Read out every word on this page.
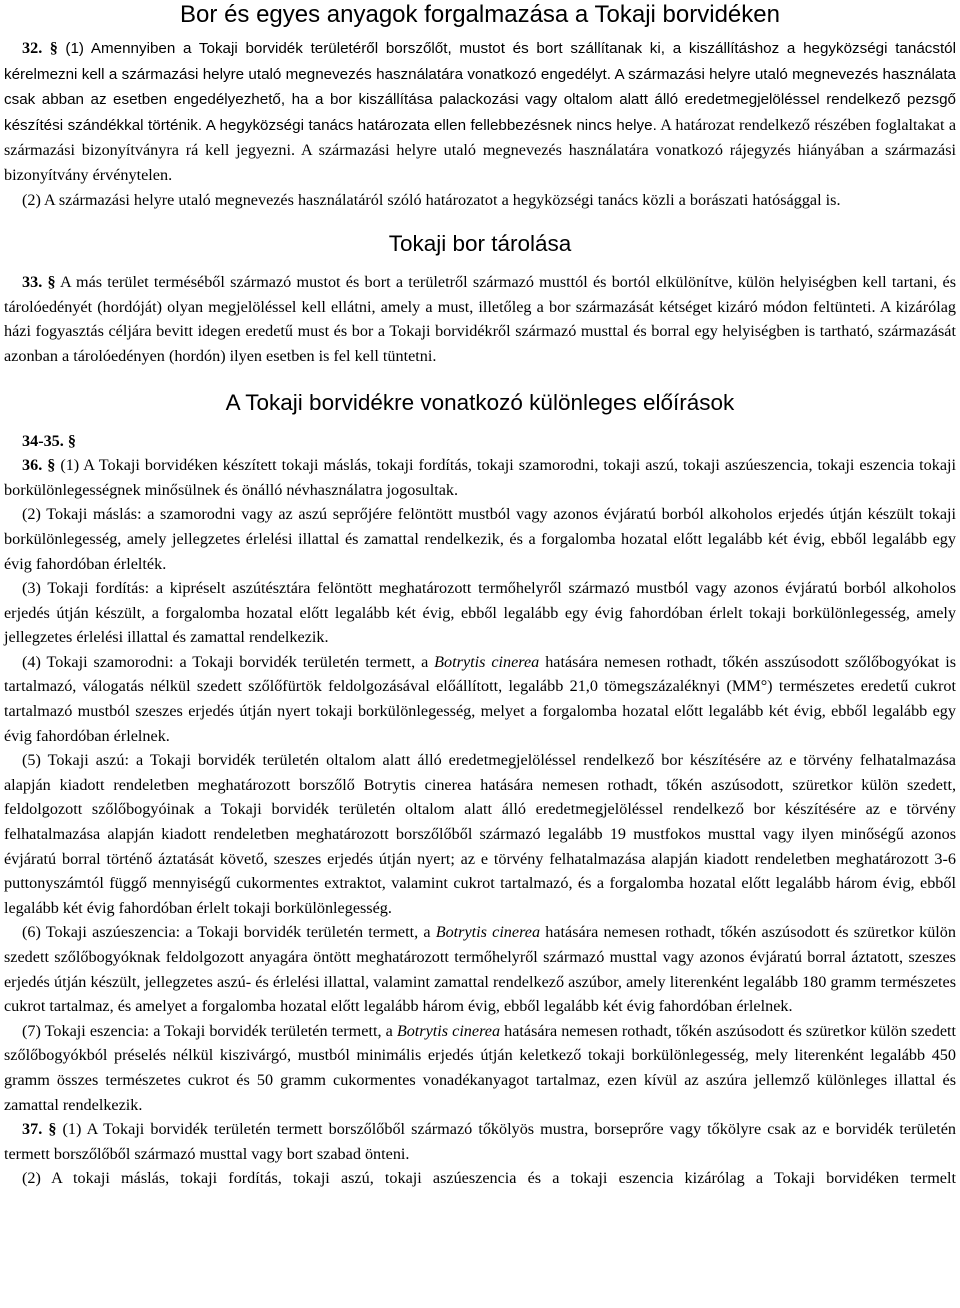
Bor és egyes anyagok forgalmazása a Tokaji borvidéken

32. § (1) Amennyiben a Tokaji borvidék területéről borszőlőt, mustot és bort szállítanak ki, a kiszállításhoz a hegyközségi tanácstól kérelmezni kell a származási helyre utaló megnevezés használatára vonatkozó engedélyt. A származási helyre utaló megnevezés használata csak abban az esetben engedélyezhető, ha a bor kiszállítása palackozási vagy oltalom alatt álló eredetmegjelöléssel rendelkező pezsgő készítési szándékkal történik. A hegyközségi tanács határozata ellen fellebbezésnek nincs helye. A határozat rendelkező részében foglaltakat a származási bizonyítványra rá kell jegyezni. A származási helyre utaló megnevezés használatára vonatkozó rájegyzés hiányában a származási bizonyítvány érvénytelen.

(2) A származási helyre utaló megnevezés használatáról szóló határozatot a hegyközségi tanács közli a borászati hatósággal is.

Tokaji bor tárolása

33. § A más terület terméséből származó mustot és bort a területről származó musttól és bortól elkülönítve, külön helyiségben kell tartani, és tárolóedényét (hordóját) olyan megjelöléssel kell ellátni, amely a must, illetőleg a bor származását kétséget kizáró módon feltünteti. A kizárólag házi fogyasztás céljára bevitt idegen eredetű must és bor a Tokaji borvidékről származó musttal és borral egy helyiségben is tartható, származását azonban a tárolóedényen (hordón) ilyen esetben is fel kell tüntetni.

A Tokaji borvidékre vonatkozó különleges előírások

34-35. §

36. § (1) A Tokaji borvidéken készített tokaji máslás, tokaji fordítás, tokaji szamorodni, tokaji aszú, tokaji aszúeszencia, tokaji eszencia tokaji borkülönlegességnek minősülnek és önálló névhasználatra jogosultak.

(2) Tokaji máslás: a szamorodni vagy az aszú seprőjére felöntött mustból vagy azonos évjáratú borból alkoholos erjedés útján készült tokaji borkülönlegesség, amely jellegzetes érlelési illattal és zamattal rendelkezik, és a forgalomba hozatal előtt legalább két évig, ebből legalább egy évig fahordóban érlelték.

(3) Tokaji fordítás: a kipréselt aszútésztára felöntött meghatározott termőhelyről származó mustból vagy azonos évjáratú borból alkoholos erjedés útján készült, a forgalomba hozatal előtt legalább két évig, ebből legalább egy évig fahordóban érlelt tokaji borkülönlegesség, amely jellegzetes érlelési illattal és zamattal rendelkezik.

(4) Tokaji szamorodni: a Tokaji borvidék területén termett, a Botrytis cinerea hatására nemesen rothadt, tőkén asszúsodott szőlőbogyókat is tartalmazó, válogatás nélkül szedett szőlőfürtök feldolgozásával előállított, legalább 21,0 tömegszázaléknyi (MM°) természetes eredetű cukrot tartalmazó mustból szeszes erjedés útján nyert tokaji borkülönlegesség, melyet a forgalomba hozatal előtt legalább két évig, ebből legalább egy évig fahordóban érlelnek.

(5) Tokaji aszú: a Tokaji borvidék területén oltalom alatt álló eredetmegjelöléssel rendelkező bor készítésére az e törvény felhatalmazása alapján kiadott rendeletben meghatározott borszőlő Botrytis cinerea hatására nemesen rothadt, tőkén aszúsodott, szüretkor külön szedett, feldolgozott szőlőbogyóinak a Tokaji borvidék területén oltalom alatt álló eredetmegjelöléssel rendelkező bor készítésére az e törvény felhatalmazása alapján kiadott rendeletben meghatározott borszőlőből származó legalább 19 mustfokos musttal vagy ilyen minőségű azonos évjáratú borral történő áztatását követő, szeszes erjedés útján nyert; az e törvény felhatalmazása alapján kiadott rendeletben meghatározott 3-6 puttonyszámtól függő mennyiségű cukormentes extraktot, valamint cukrot tartalmazó, és a forgalomba hozatal előtt legalább három évig, ebből legalább két évig fahordóban érlelt tokaji borkülönlegesség.

(6) Tokaji aszúeszencia: a Tokaji borvidék területén termett, a Botrytis cinerea hatására nemesen rothadt, tőkén aszúsodott és szüretkor külön szedett szőlőbogyóknak feldolgozott anyagára öntött meghatározott termőhelyről származó musttal vagy azonos évjáratú borral áztatott, szeszes erjedés útján készült, jellegzetes aszú- és érlelési illattal, valamint zamattal rendelkező aszúbor, amely literenként legalább 180 gramm természetes cukrot tartalmaz, és amelyet a forgalomba hozatal előtt legalább három évig, ebből legalább két évig fahordóban érlelnek.

(7) Tokaji eszencia: a Tokaji borvidék területén termett, a Botrytis cinerea hatására nemesen rothadt, tőkén aszúsodott és szüretkor külön szedett szőlőbogyókból préselés nélkül kiszivárgó, mustból minimális erjedés útján keletkező tokaji borkülönlegesség, mely literenként legalább 450 gramm összes természetes cukrot és 50 gramm cukormentes vonadékanyagot tartalmaz, ezen kívül az aszúra jellemző különleges illattal és zamattal rendelkezik.

37. § (1) A Tokaji borvidék területén termett borszőlőből származó tőkölyös mustra, borseprőre vagy tőkölyre csak az e borvidék területén termett borszőlőből származó musttal vagy bort szabad önteni.

(2) A tokaji máslás, tokaji fordítás, tokaji aszú, tokaji aszúeszencia és a tokaji eszencia kizárólag a Tokaji borvidéken termelt
